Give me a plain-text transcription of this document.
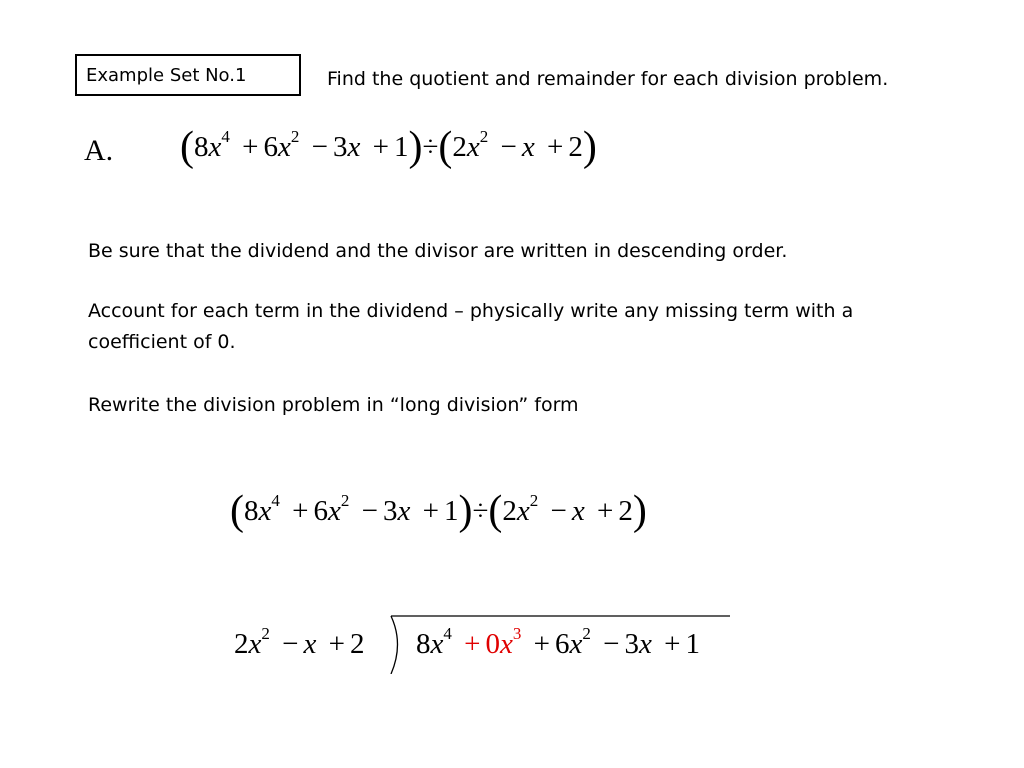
Example Set No.1	Find the quotient and remainder for each division problem.
A. $(8x^4 + 6x^2 - 3x + 1)\div(2x^2 - x + 2)$

Be sure that the dividend and the divisor are written in descending order.

Account for each term in the dividend – physically write any missing term with a coefficient of 0.

Rewrite the division problem in “long division” form

$(8x^4 + 6x^2 - 3x + 1)\div(2x^2 - x + 2)$
$2x^2 - x + 2$ $8x^4 + 0x^3 + 6x^2 - 3x + 1$
